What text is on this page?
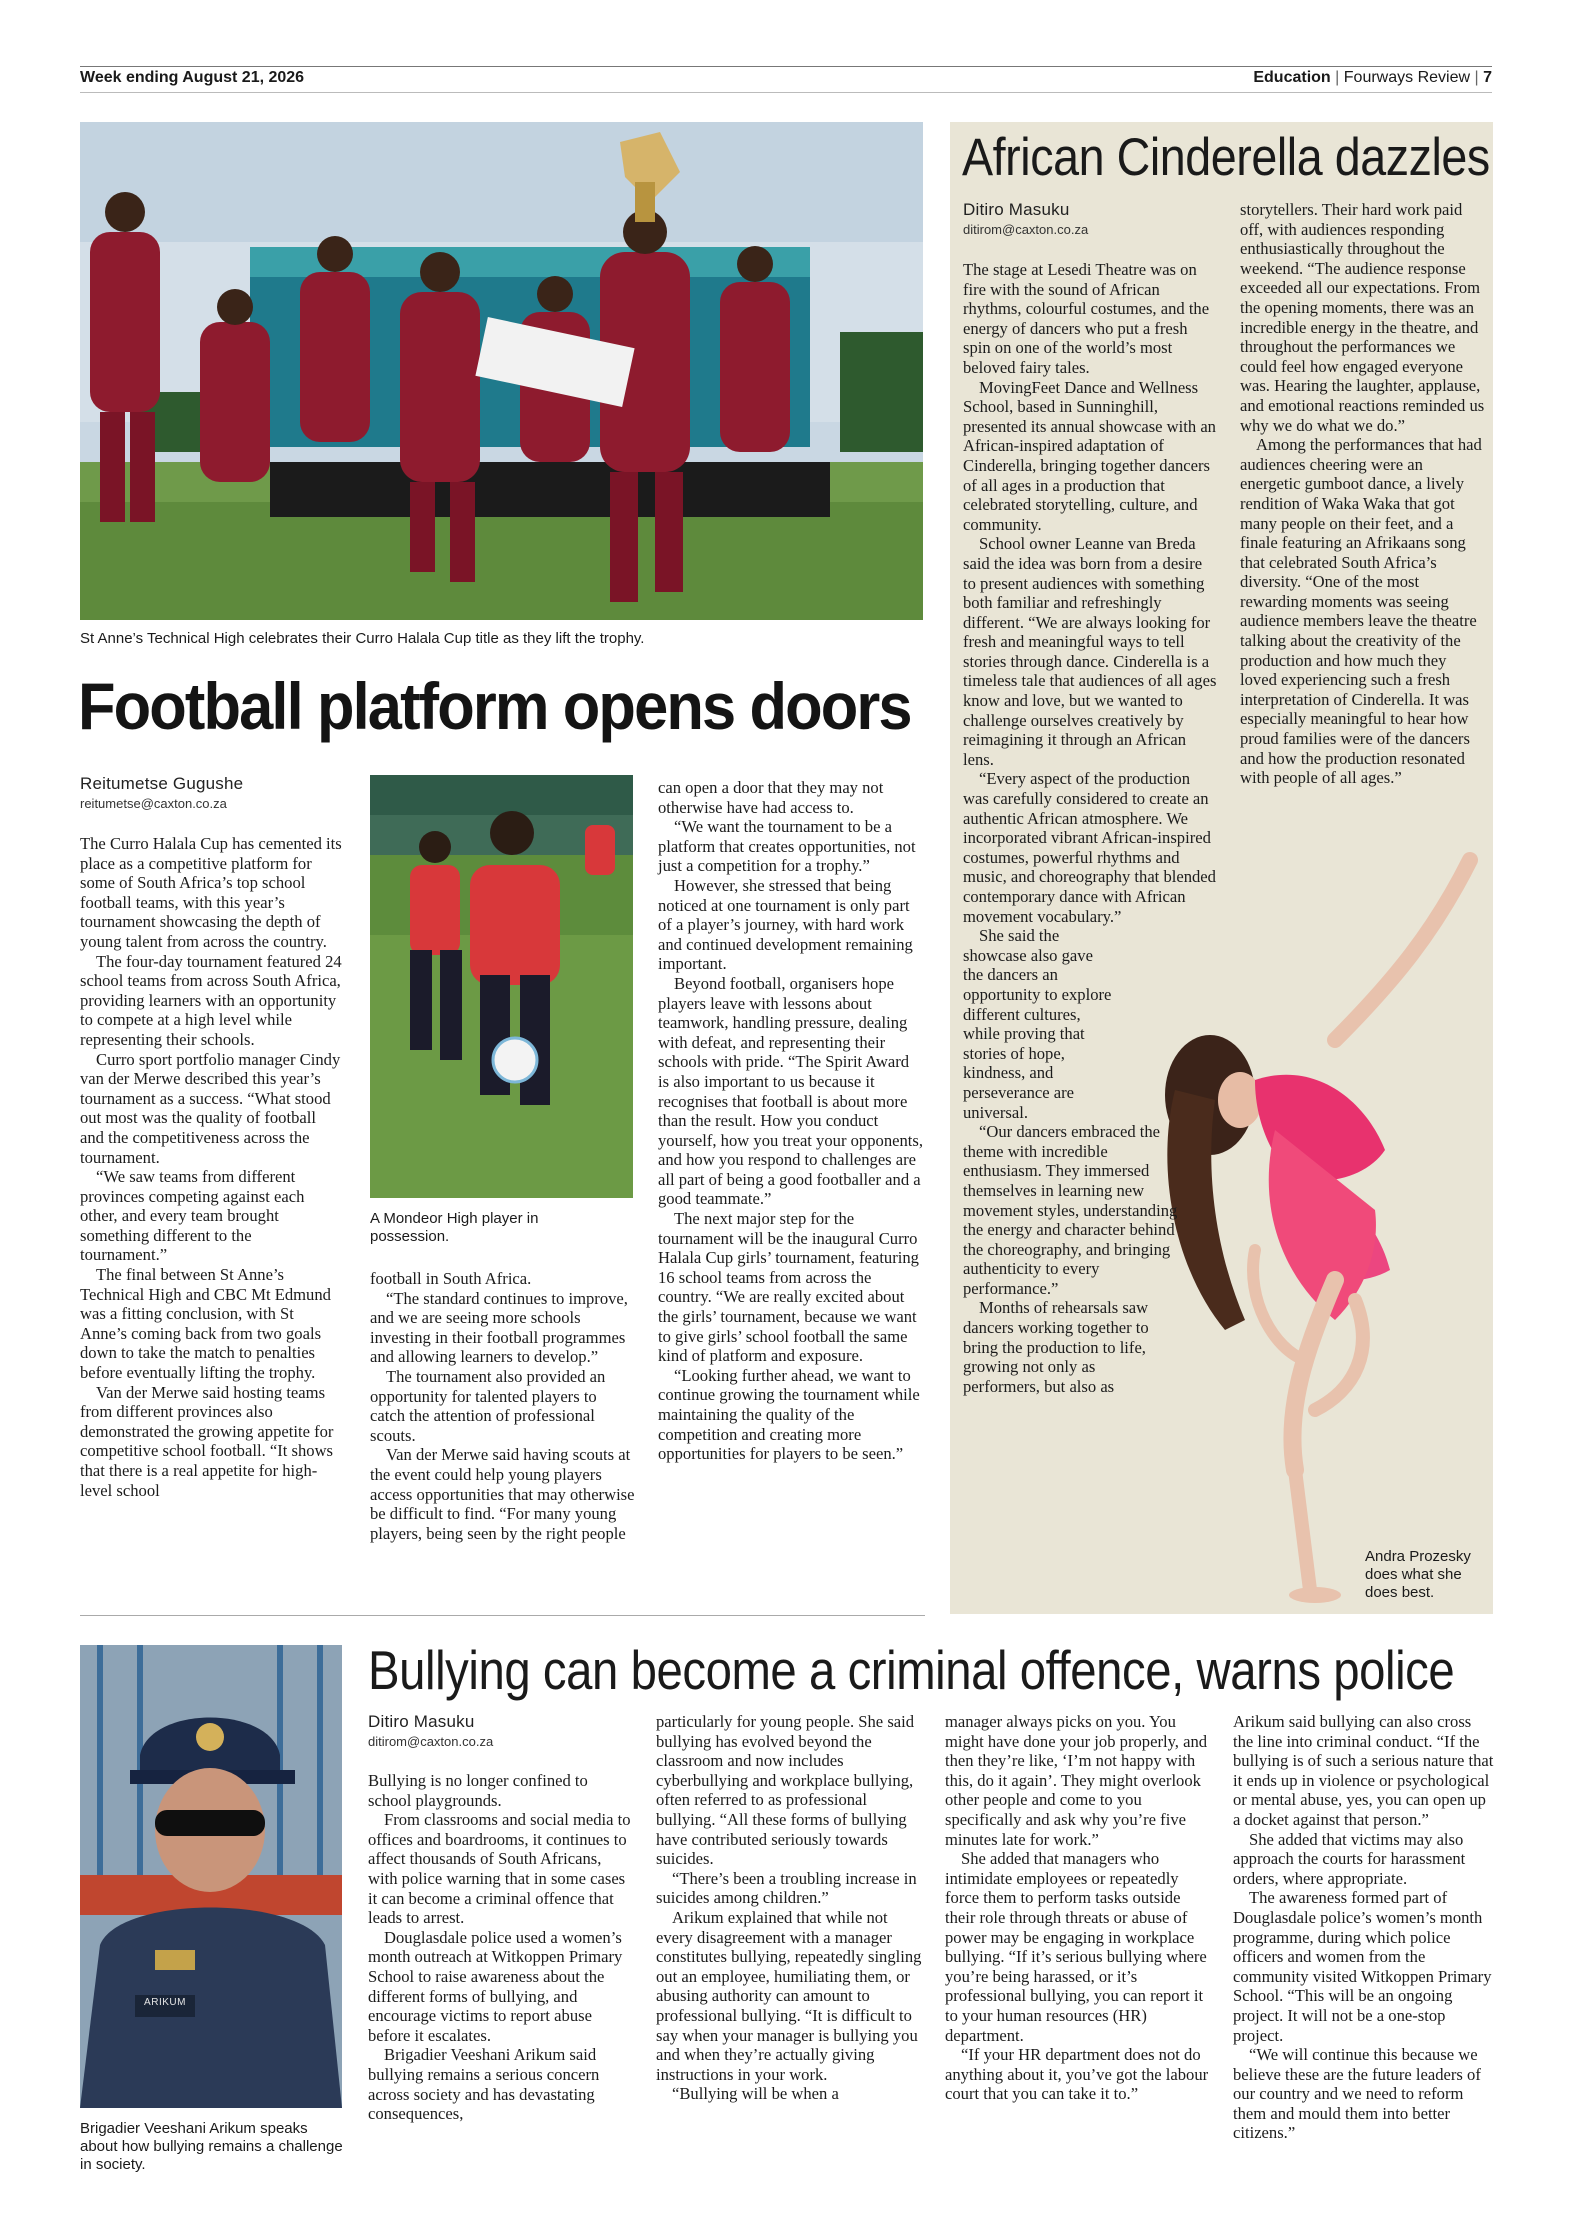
Week ending August 21, 2026	Education | Fourways Review | 7
St Anne’s Technical High celebrates their Curro Halala Cup title as they lift the trophy.
Football platform opens doors
Reitumetse Gugushe
reitumetse@caxton.co.za

The Curro Halala Cup has cemented its place as a competitive platform for some of South Africa’s top school football teams, with this year’s tournament showcasing the depth of young talent from across the country.

The four-day tournament featured 24 school teams from across South Africa, providing learners with an opportunity to compete at a high level while representing their schools.

Curro sport portfolio manager Cindy van der Merwe described this year’s tournament as a success. “What stood out most was the quality of football and the competitiveness across the tournament.

“We saw teams from different provinces competing against each other, and every team brought something different to the tournament.”

The final between St Anne’s Technical High and CBC Mt Edmund was a fitting conclusion, with St Anne’s coming back from two goals down to take the match to penalties before eventually lifting the trophy.

Van der Merwe said hosting teams from different provinces also demonstrated the growing appetite for competitive school football. “It shows that there is a real appetite for high-level school

A Mondeor High player in possession.

football in South Africa.

“The standard continues to improve, and we are seeing more schools investing in their football programmes and allowing learners to develop.”

The tournament also provided an opportunity for talented players to catch the attention of professional scouts.

Van der Merwe said having scouts at the event could help young players access opportunities that may otherwise be difficult to find. “For many young players, being seen by the right people

can open a door that they may not otherwise have had access to.

“We want the tournament to be a platform that creates opportunities, not just a competition for a trophy.”

However, she stressed that being noticed at one tournament is only part of a player’s journey, with hard work and continued development remaining important.

Beyond football, organisers hope players leave with lessons about teamwork, handling pressure, dealing with defeat, and representing their schools with pride. “The Spirit Award is also important to us because it recognises that football is about more than the result. How you conduct yourself, how you treat your opponents, and how you respond to challenges are all part of being a good footballer and a good teammate.”

The next major step for the tournament will be the inaugural Curro Halala Cup girls’ tournament, featuring 16 school teams from across the country. “We are really excited about the girls’ tournament, because we want to give girls’ school football the same kind of platform and exposure.

“Looking further ahead, we want to continue growing the tournament while maintaining the quality of the competition and creating more opportunities for players to be seen.”

African Cinderella dazzles
Ditiro Masuku
ditirom@caxton.co.za

The stage at Lesedi Theatre was on fire with the sound of African rhythms, colourful costumes, and the energy of dancers who put a fresh spin on one of the world’s most beloved fairy tales.

MovingFeet Dance and Wellness School, based in Sunninghill, presented its annual showcase with an African-inspired adaptation of Cinderella, bringing together dancers of all ages in a production that celebrated storytelling, culture, and community.

School owner Leanne van Breda said the idea was born from a desire to present audiences with something both familiar and refreshingly different. “We are always looking for fresh and meaningful ways to tell stories through dance. Cinderella is a timeless tale that audiences of all ages know and love, but we wanted to challenge ourselves creatively by reimagining it through an African lens.

“Every aspect of the production was carefully considered to create an authentic African atmosphere. We incorporated vibrant African-inspired costumes, powerful rhythms and music, and choreography that blended contemporary dance with African movement vocabulary.”

She said the showcase also gave the dancers an opportunity to explore different cultures, while proving that stories of hope, kindness, and perseverance are universal.

“Our dancers embraced the theme with incredible enthusiasm. They immersed themselves in learning new movement styles, understanding the energy and character behind the choreography, and bringing authenticity to every performance.”

Months of rehearsals saw dancers working together to bring the production to life, growing not only as performers, but also as

storytellers. Their hard work paid off, with audiences responding enthusiastically throughout the weekend. “The audience response exceeded all our expectations. From the opening moments, there was an incredible energy in the theatre, and throughout the performances we could feel how engaged everyone was. Hearing the laughter, applause, and emotional reactions reminded us why we do what we do.”

Among the performances that had audiences cheering were an energetic gumboot dance, a lively rendition of Waka Waka that got many people on their feet, and a finale featuring an Afrikaans song that celebrated South Africa’s diversity. “One of the most rewarding moments was seeing audience members leave the theatre talking about the creativity of the production and how much they loved experiencing such a fresh interpretation of Cinderella. It was especially meaningful to hear how proud families were of the dancers and how the production resonated with people of all ages.”

Andra Prozesky does what she does best.
ARIKUM
Brigadier Veeshani Arikum speaks about how bullying remains a challenge in society.
Bullying can become a criminal offence, warns police
Ditiro Masuku
ditirom@caxton.co.za

Bullying is no longer confined to school playgrounds.

From classrooms and social media to offices and boardrooms, it continues to affect thousands of South Africans, with police warning that in some cases it can become a criminal offence that leads to arrest.

Douglasdale police used a women’s month outreach at Witkoppen Primary School to raise awareness about the different forms of bullying, and encourage victims to report abuse before it escalates.

Brigadier Veeshani Arikum said bullying remains a serious concern across society and has devastating consequences,

particularly for young people. She said bullying has evolved beyond the classroom and now includes cyberbullying and workplace bullying, often referred to as professional bullying. “All these forms of bullying have contributed seriously towards suicides.

“There’s been a troubling increase in suicides among children.”

Arikum explained that while not every disagreement with a manager constitutes bullying, repeatedly singling out an employee, humiliating them, or abusing authority can amount to professional bullying. “It is difficult to say when your manager is bullying you and when they’re actually giving instructions in your work.

“Bullying will be when a

manager always picks on you. You might have done your job properly, and then they’re like, ‘I’m not happy with this, do it again’. They might overlook other people and come to you specifically and ask why you’re five minutes late for work.”

She added that managers who intimidate employees or repeatedly force them to perform tasks outside their role through threats or abuse of power may be engaging in workplace bullying. “If it’s serious bullying where you’re being harassed, or it’s professional bullying, you can report it to your human resources (HR) department.

“If your HR department does not do anything about it, you’ve got the labour court that you can take it to.”

Arikum said bullying can also cross the line into criminal conduct. “If the bullying is of such a serious nature that it ends up in violence or psychological or mental abuse, yes, you can open up a docket against that person.”

She added that victims may also approach the courts for harassment orders, where appropriate.

The awareness formed part of Douglasdale police’s women’s month programme, during which police officers and women from the community visited Witkoppen Primary School. “This will be an ongoing project. It will not be a one-stop project.

“We will continue this because we believe these are the future leaders of our country and we need to reform them and mould them into better citizens.”
